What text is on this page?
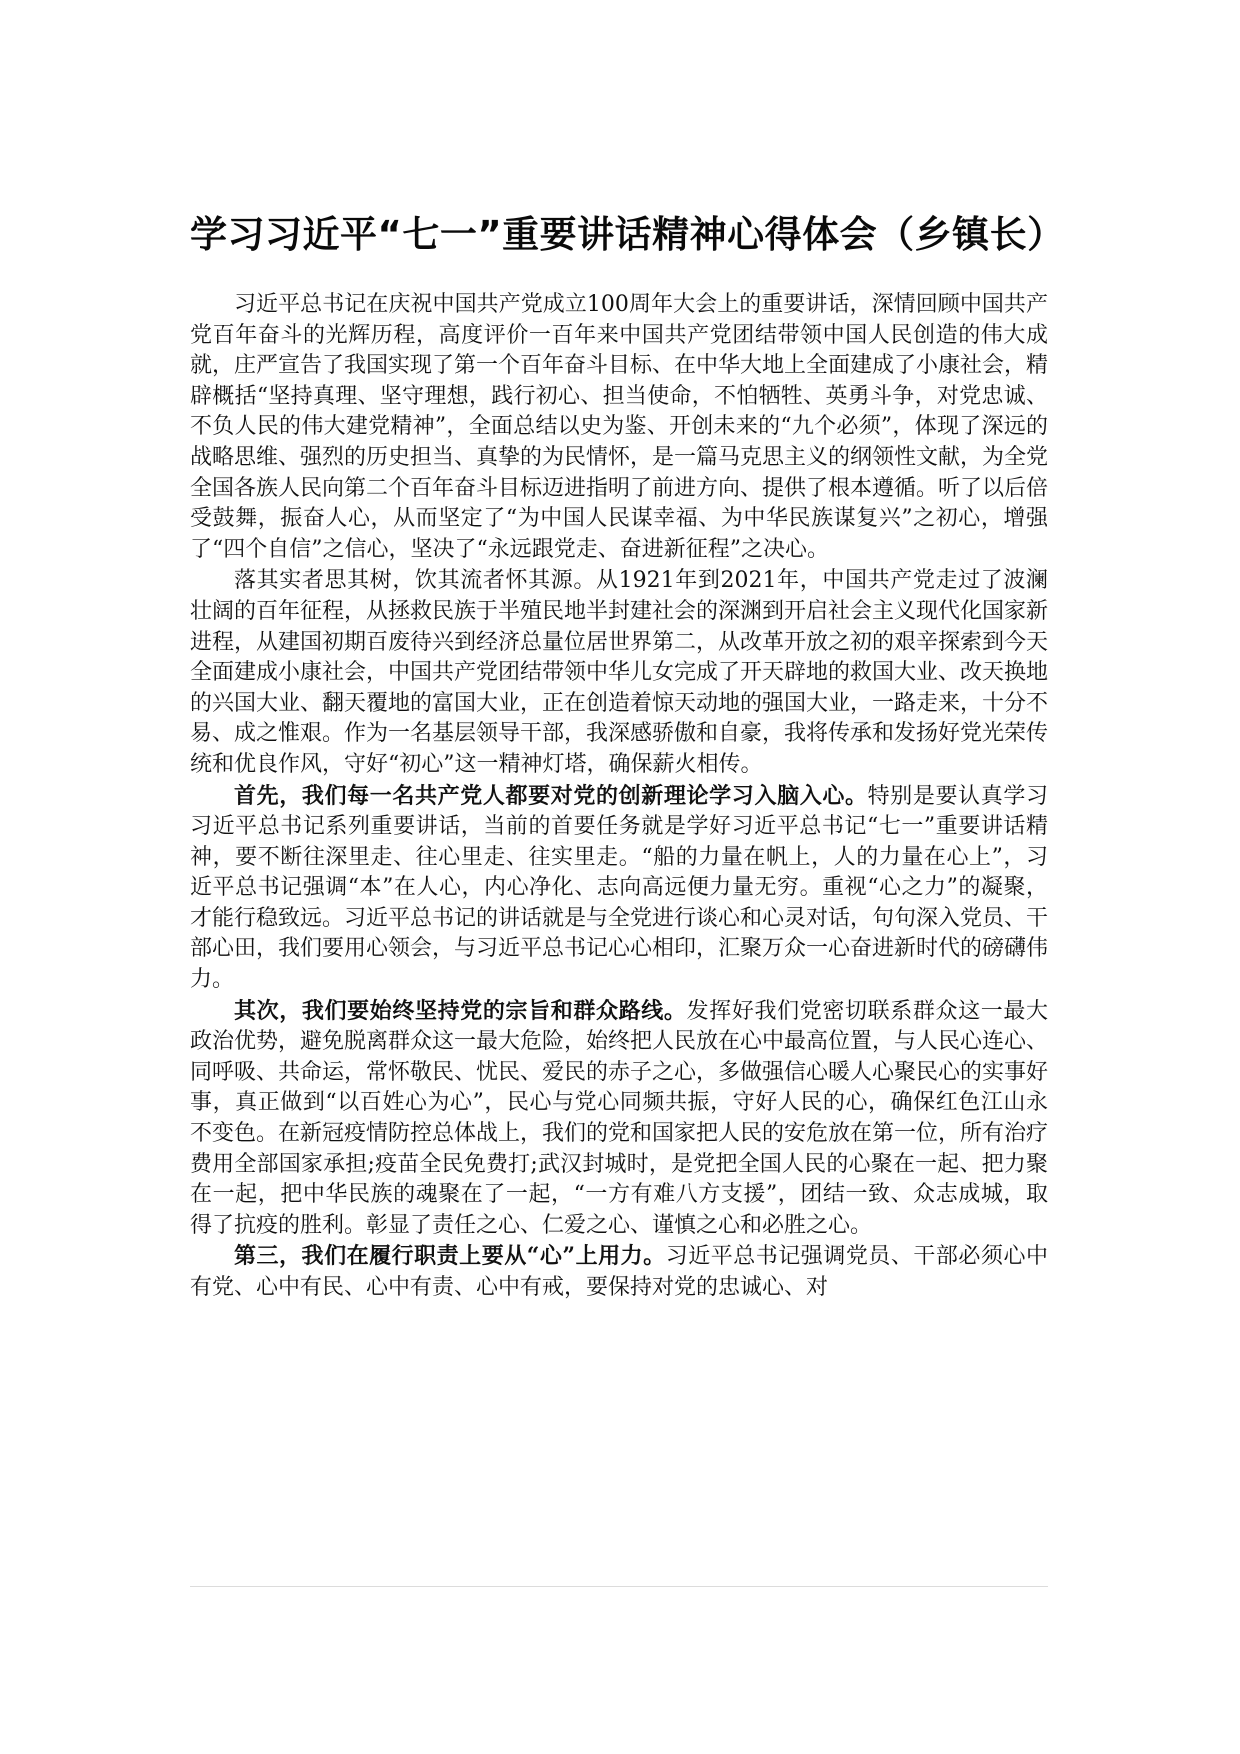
学习习近平“七一”重要讲话精神心得体会（乡镇长）

习近平总书记在庆祝中国共产党成立100周年大会上的重要讲话，深情回顾中国共产党百年奋斗的光辉历程，高度评价一百年来中国共产党团结带领中国人民创造的伟大成就，庄严宣告了我国实现了第一个百年奋斗目标、在中华大地上全面建成了小康社会，精辟概括“坚持真理、坚守理想，践行初心、担当使命，不怕牺牲、英勇斗争，对党忠诚、不负人民的伟大建党精神”，全面总结以史为鉴、开创未来的“九个必须”，体现了深远的战略思维、强烈的历史担当、真挚的为民情怀，是一篇马克思主义的纲领性文献，为全党全国各族人民向第二个百年奋斗目标迈进指明了前进方向、提供了根本遵循。听了以后倍受鼓舞，振奋人心，从而坚定了“为中国人民谋幸福、为中华民族谋复兴”之初心，增强了“四个自信”之信心，坚决了“永远跟党走、奋进新征程”之决心。

落其实者思其树，饮其流者怀其源。从1921年到2021年，中国共产党走过了波澜壮阔的百年征程，从拯救民族于半殖民地半封建社会的深渊到开启社会主义现代化国家新进程，从建国初期百废待兴到经济总量位居世界第二，从改革开放之初的艰辛探索到今天全面建成小康社会，中国共产党团结带领中华儿女完成了开天辟地的救国大业、改天换地的兴国大业、翻天覆地的富国大业，正在创造着惊天动地的强国大业，一路走来，十分不易、成之惟艰。作为一名基层领导干部，我深感骄傲和自豪，我将传承和发扬好党光荣传统和优良作风，守好“初心”这一精神灯塔，确保薪火相传。

首先，我们每一名共产党人都要对党的创新理论学习入脑入心。特别是要认真学习习近平总书记系列重要讲话，当前的首要任务就是学好习近平总书记“七一”重要讲话精神，要不断往深里走、往心里走、往实里走。“船的力量在帆上，人的力量在心上”，习近平总书记强调“本”在人心，内心净化、志向高远便力量无穷。重视“心之力”的凝聚，才能行稳致远。习近平总书记的讲话就是与全党进行谈心和心灵对话，句句深入党员、干部心田，我们要用心领会，与习近平总书记心心相印，汇聚万众一心奋进新时代的磅礴伟力。

其次，我们要始终坚持党的宗旨和群众路线。发挥好我们党密切联系群众这一最大政治优势，避免脱离群众这一最大危险，始终把人民放在心中最高位置，与人民心连心、同呼吸、共命运，常怀敬民、忧民、爱民的赤子之心，多做强信心暖人心聚民心的实事好事，真正做到“以百姓心为心”，民心与党心同频共振，守好人民的心，确保红色江山永不变色。在新冠疫情防控总体战上，我们的党和国家把人民的安危放在第一位，所有治疗费用全部国家承担;疫苗全民免费打;武汉封城时，是党把全国人民的心聚在一起、把力聚在一起，把中华民族的魂聚在了一起，“一方有难八方支援”，团结一致、众志成城，取得了抗疫的胜利。彰显了责任之心、仁爱之心、谨慎之心和必胜之心。

第三，我们在履行职责上要从“心”上用力。习近平总书记强调党员、干部必须心中有党、心中有民、心中有责、心中有戒，要保持对党的忠诚心、对
